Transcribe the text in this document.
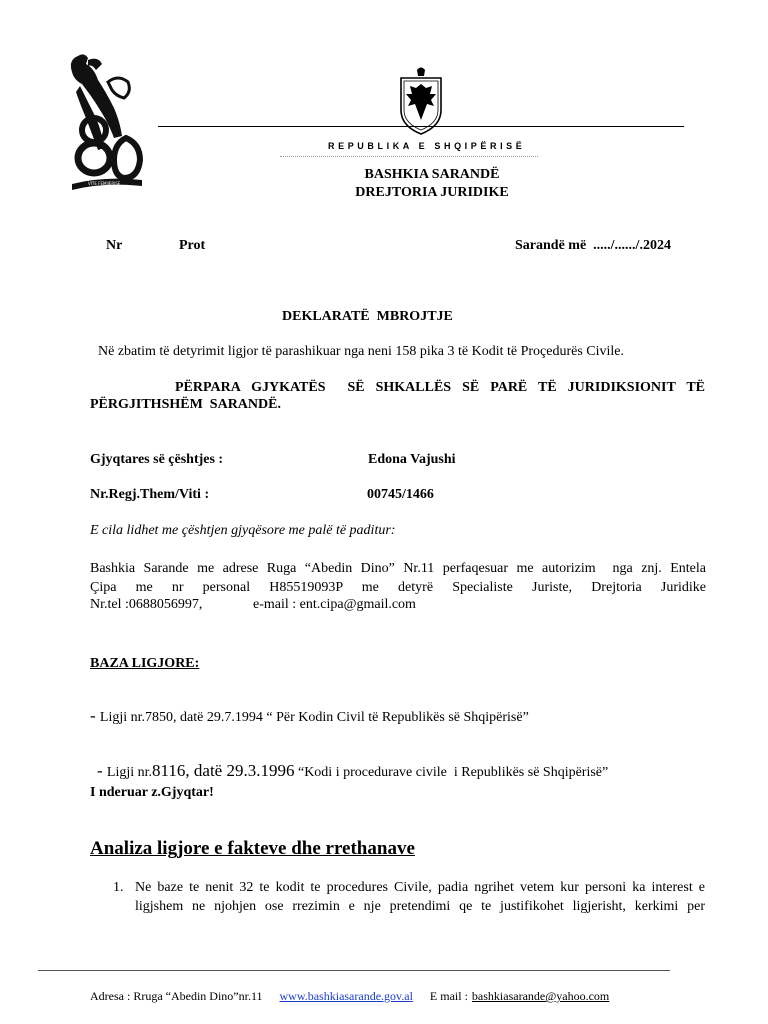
VITE FEMIJERISE
REPUBLIKA E SHQIPËRISË
BASHKIA SARANDË
DREJTORIA JURIDIKE
Nr	Prot	Sarandë më  ...../....../.2024
DEKLARATË  MBROJTJE
Në zbatim të detyrimit ligjor të parashikuar nga neni 158 pika 3 të Kodit të Proçedurës Civile.
PËRPARA GJYKATËS  SË SHKALLËS SË PARË TË JURIDIKSIONIT TË
PËRGJITHSHËM  SARANDË.
Gjyqtares së çështjes :	Edona Vajushi
Nr.Regj.Them/Viti :	00745/1466
E cila lidhet me çështjen gjyqësore me palë të paditur:
Bashkia Sarande me adrese Ruga “Abedin Dino” Nr.11 perfaqesuar me autorizim  nga znj. Entela
Çipa me nr personal H85519093P me detyrë Specialiste Juriste, Drejtoria Juridike
Nr.tel :0688056997,	e-mail : ent.cipa@gmail.com
BAZA LIGJORE:
- Ligji nr.7850, datë 29.7.1994 “ Për Kodin Civil të Republikës së Shqipërisë”

- Ligji nr.8116, datë 29.3.1996 “Kodi i procedurave civile  i Republikës së Shqipërisë”

I nderuar z.Gjyqtar!
Analiza ligjore e fakteve dhe rrethanave
1. Ne baze te nenit 32 te kodit te procedures Civile, padia ngrihet vetem kur personi ka interest e
ligjshem ne njohjen ose rrezimin e nje pretendimi qe te justifikohet ligjerisht, kerkimi per
Adresa : Rruga “Abedin Dino”nr.11 www.bashkiasarande.gov.al E mail : bashkiasarande@yahoo.com
